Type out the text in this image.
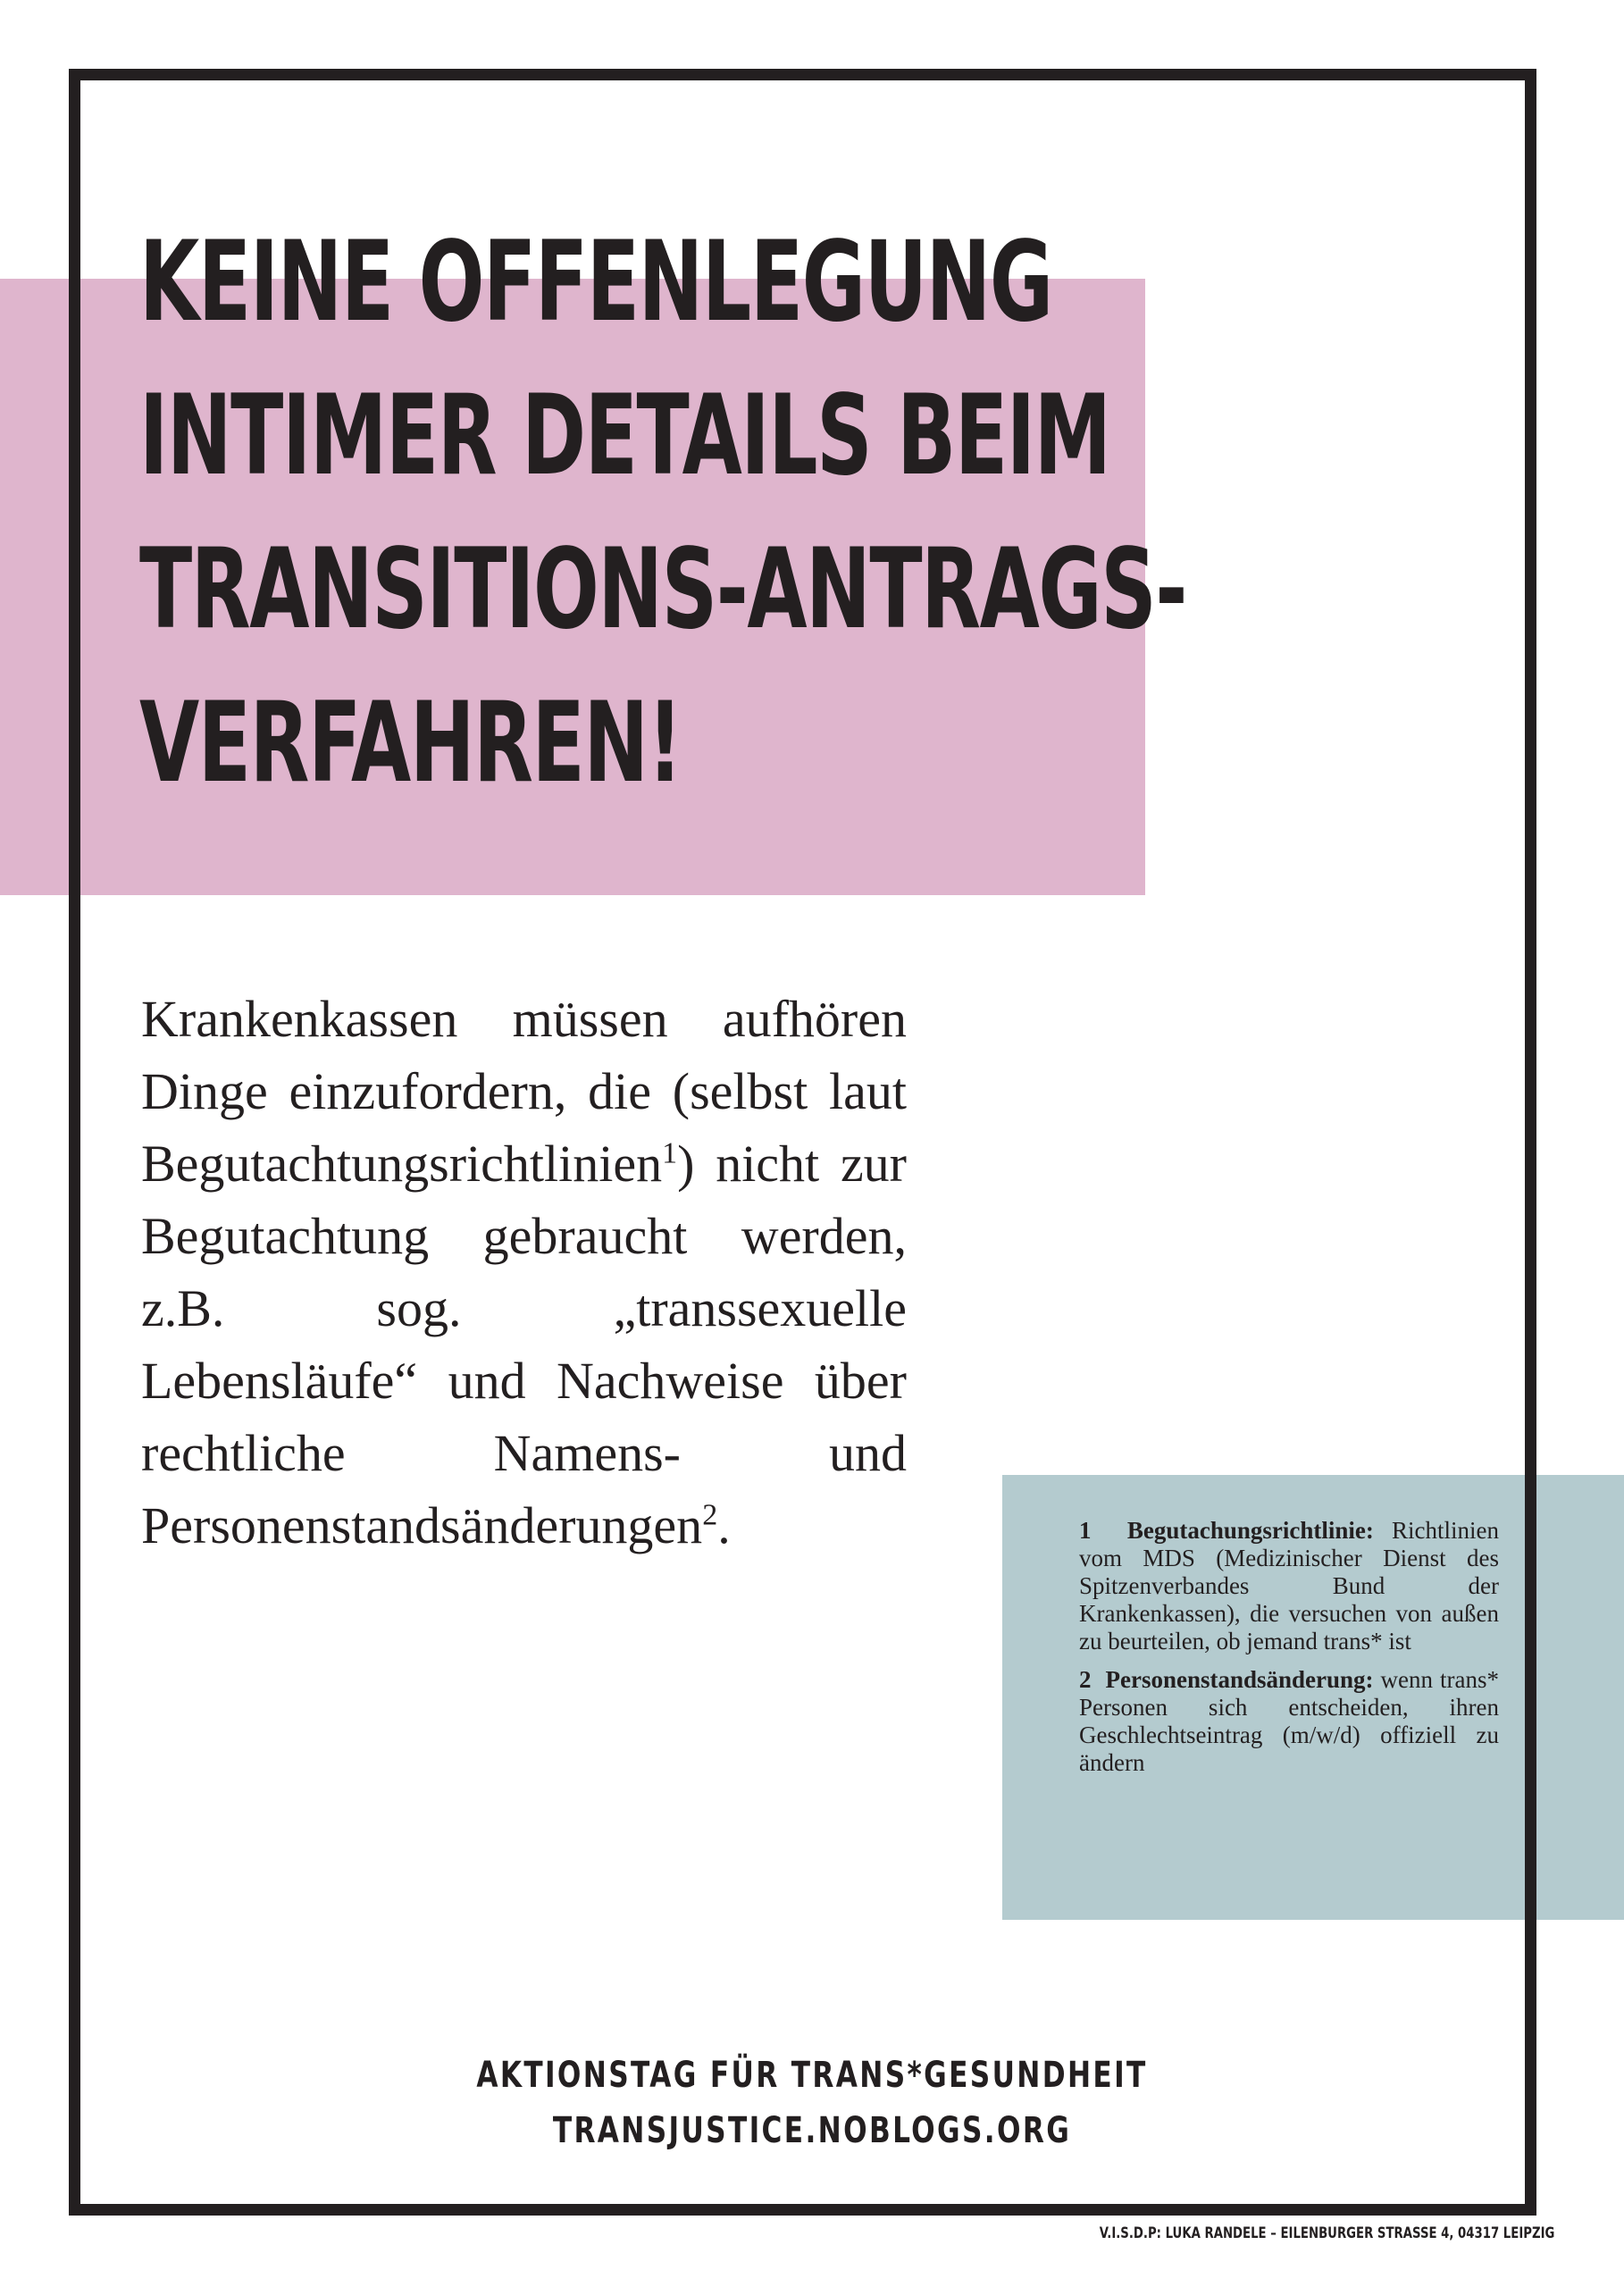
KEINE OFFENLEGUNG
INTIMER DETAILS BEIM
TRANSITIONS-ANTRAGS-
VERFAHREN!

Krankenkassen müssen aufhören Dinge einzufordern, die (selbst laut Begutachtungsrichtlinien$^1$) nicht zur Begutachtung gebraucht werden, z.B. sog. „transsexuelle Lebensläufe“ und Nachweise über rechtliche Namens- und Personenstandsänderungen$^2$.	1 Begutachungsrichtlinie: Richtlinien vom MDS (Medizinischer Dienst des Spitzenverbandes Bund der Krankenkassen), die versuchen von außen zu beurteilen, ob jemand trans* ist

2 Personenstandsänderung: wenn trans* Personen sich entscheiden, ihren Geschlechtseintrag (m/w/d) offiziell zu ändern

AKTIONSTAG FÜR TRANS*GESUNDHEIT
TRANSJUSTICE.NOBLOGS.ORG
V.I.S.D.P: LUKA RANDELE – EILENBURGER STRASSE 4, 04317 LEIPZIG
